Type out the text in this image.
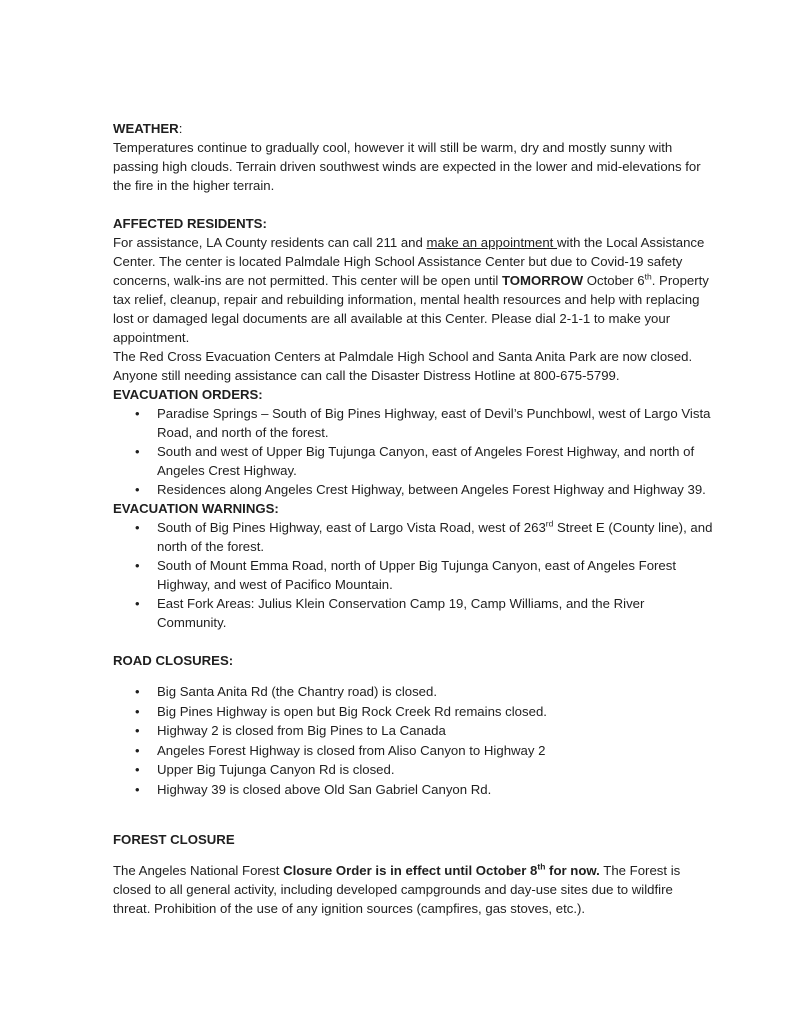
WEATHER:

Temperatures continue to gradually cool, however it will still be warm, dry and mostly sunny with passing high clouds. Terrain driven southwest winds are expected in the lower and mid-elevations for the fire in the higher terrain.

AFFECTED RESIDENTS:

For assistance, LA County residents can call 211 and make an appointment with the Local Assistance Center. The center is located Palmdale High School Assistance Center but due to Covid-19 safety concerns, walk-ins are not permitted. This center will be open until TOMORROW October 6th. Property tax relief, cleanup, repair and rebuilding information, mental health resources and help with replacing lost or damaged legal documents are all available at this Center. Please dial 2-1-1 to make your appointment.

The Red Cross Evacuation Centers at Palmdale High School and Santa Anita Park are now closed. Anyone still needing assistance can call the Disaster Distress Hotline at 800-675-5799.

EVACUATION ORDERS:

• Paradise Springs – South of Big Pines Highway, east of Devil’s Punchbowl, west of Largo Vista Road, and north of the forest.
• South and west of Upper Big Tujunga Canyon, east of Angeles Forest Highway, and north of Angeles Crest Highway.
• Residences along Angeles Crest Highway, between Angeles Forest Highway and Highway 39.

EVACUATION WARNINGS:

• South of Big Pines Highway, east of Largo Vista Road, west of 263rd Street E (County line), and north of the forest.
• South of Mount Emma Road, north of Upper Big Tujunga Canyon, east of Angeles Forest Highway, and west of Pacifico Mountain.
• East Fork Areas: Julius Klein Conservation Camp 19, Camp Williams, and the River Community.

ROAD CLOSURES:

• Big Santa Anita Rd (the Chantry road) is closed.
• Big Pines Highway is open but Big Rock Creek Rd remains closed.
• Highway 2 is closed from Big Pines to La Canada
• Angeles Forest Highway is closed from Aliso Canyon to Highway 2
• Upper Big Tujunga Canyon Rd is closed.
• Highway 39 is closed above Old San Gabriel Canyon Rd.

FOREST CLOSURE

The Angeles National Forest Closure Order is in effect until October 8th for now. The Forest is closed to all general activity, including developed campgrounds and day-use sites due to wildfire threat. Prohibition of the use of any ignition sources (campfires, gas stoves, etc.).
